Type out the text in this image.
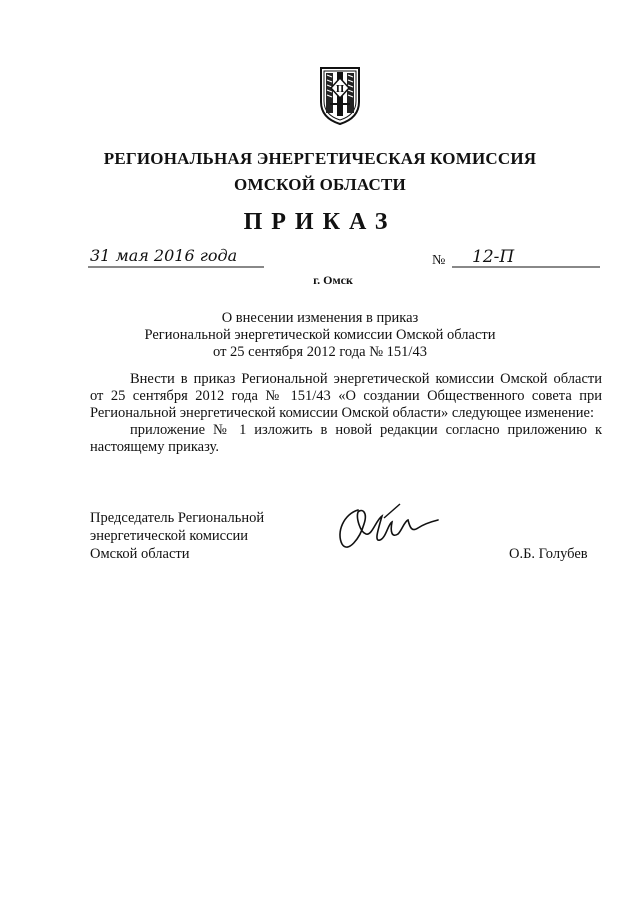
П
РЕГИОНАЛЬНАЯ ЭНЕРГЕТИЧЕСКАЯ КОМИССИЯ
ОМСКОЙ ОБЛАСТИ
ПРИКАЗ
31 мая 2016 года	№ 12-П
г. Омск
О внесении изменения в приказ
Региональной энергетической комиссии Омской области
от 25 сентября 2012 года № 151/43

Внести в приказ Региональной энергетической комиссии Омской области от 25 сентября 2012 года № 151/43 «О создании Общественного совета при Региональной энергетической комиссии Омской области» следующее изменение:

приложение № 1 изложить в новой редакции согласно приложению к настоящему приказу.

Председатель Региональной
энергетической комиссии
Омской области	О.Б. Голубев
